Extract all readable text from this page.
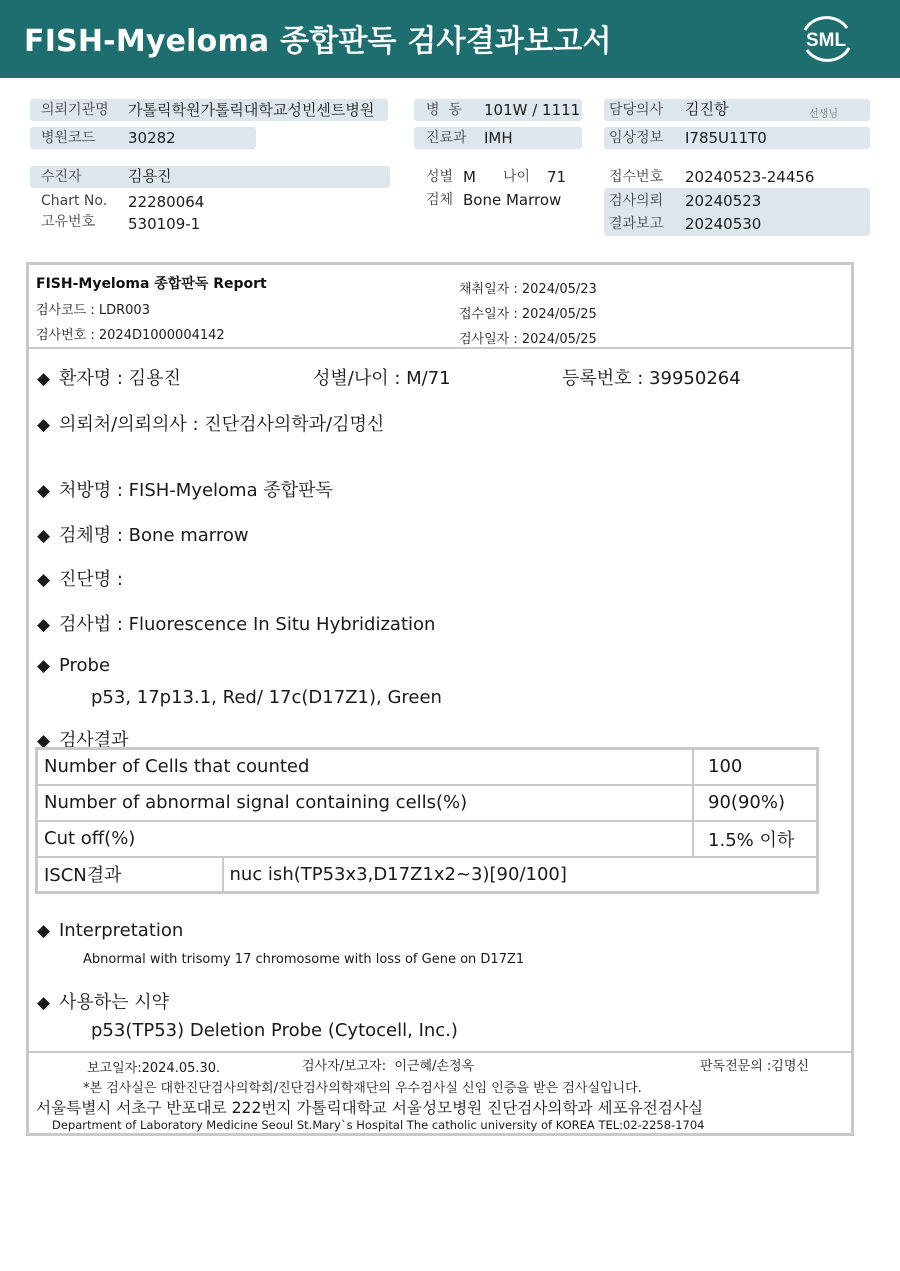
FISH-Myeloma 종합판독 검사결과보고서	SML
의뢰기관명 가톨릭학원가톨릭대학교성빈센트병원
병원코드 30282
병  동 101W / 1111
진료과 IMH
담당의사 김진항	선생님
임상정보 I785U11T0
수진자	김용진
Chart No. 22280064
고유번호 530109-1
성별 M 나이 71
검체 Bone Marrow
접수번호 20240523-24456
검사의뢰 20240523
결과보고 20240530
FISH-Myeloma 종합판독 Report
검사코드 : LDR003
검사번호 : 2024D1000004142
채취일자 : 2024/05/23
접수일자 : 2024/05/25
검사일자 : 2024/05/25
◆ 환자명 : 김용진	성별/나이 : M/71	등록번호 : 39950264
◆ 의뢰처/의뢰의사 : 진단검사의학과/김명신
◆ 처방명 : FISH-Myeloma 종합판독
◆ 검체명 : Bone marrow
◆ 진단명 :
◆ 검사법 : Fluorescence In Situ Hybridization
◆ Probe
p53, 17p13.1, Red/ 17c(D17Z1), Green
◆ 검사결과
Number of Cells that counted		100
Number of abnormal signal containing cells(%)		90(90%)
Cut off(%)		1.5% 이하
ISCN결과	nuc ish(TP53x3,D17Z1x2~3)[90/100]	
◆ Interpretation
Abnormal with trisomy 17 chromosome with loss of Gene on D17Z1
◆ 사용하는 시약
p53(TP53) Deletion Probe (Cytocell, Inc.)
보고일자:2024.05.30.	검사자/보고자:  이근혜/손정옥	판독전문의 :김명신
*본 검사실은 대한진단검사의학회/진단검사의학재단의 우수검사실 신임 인증을 받은 검사실입니다.
서울특별시 서초구 반포대로 222번지 가톨릭대학교 서울성모병원 진단검사의학과 세포유전검사실
Department of Laboratory Medicine Seoul St.Mary`s Hospital The catholic university of KOREA TEL:02-2258-1704
